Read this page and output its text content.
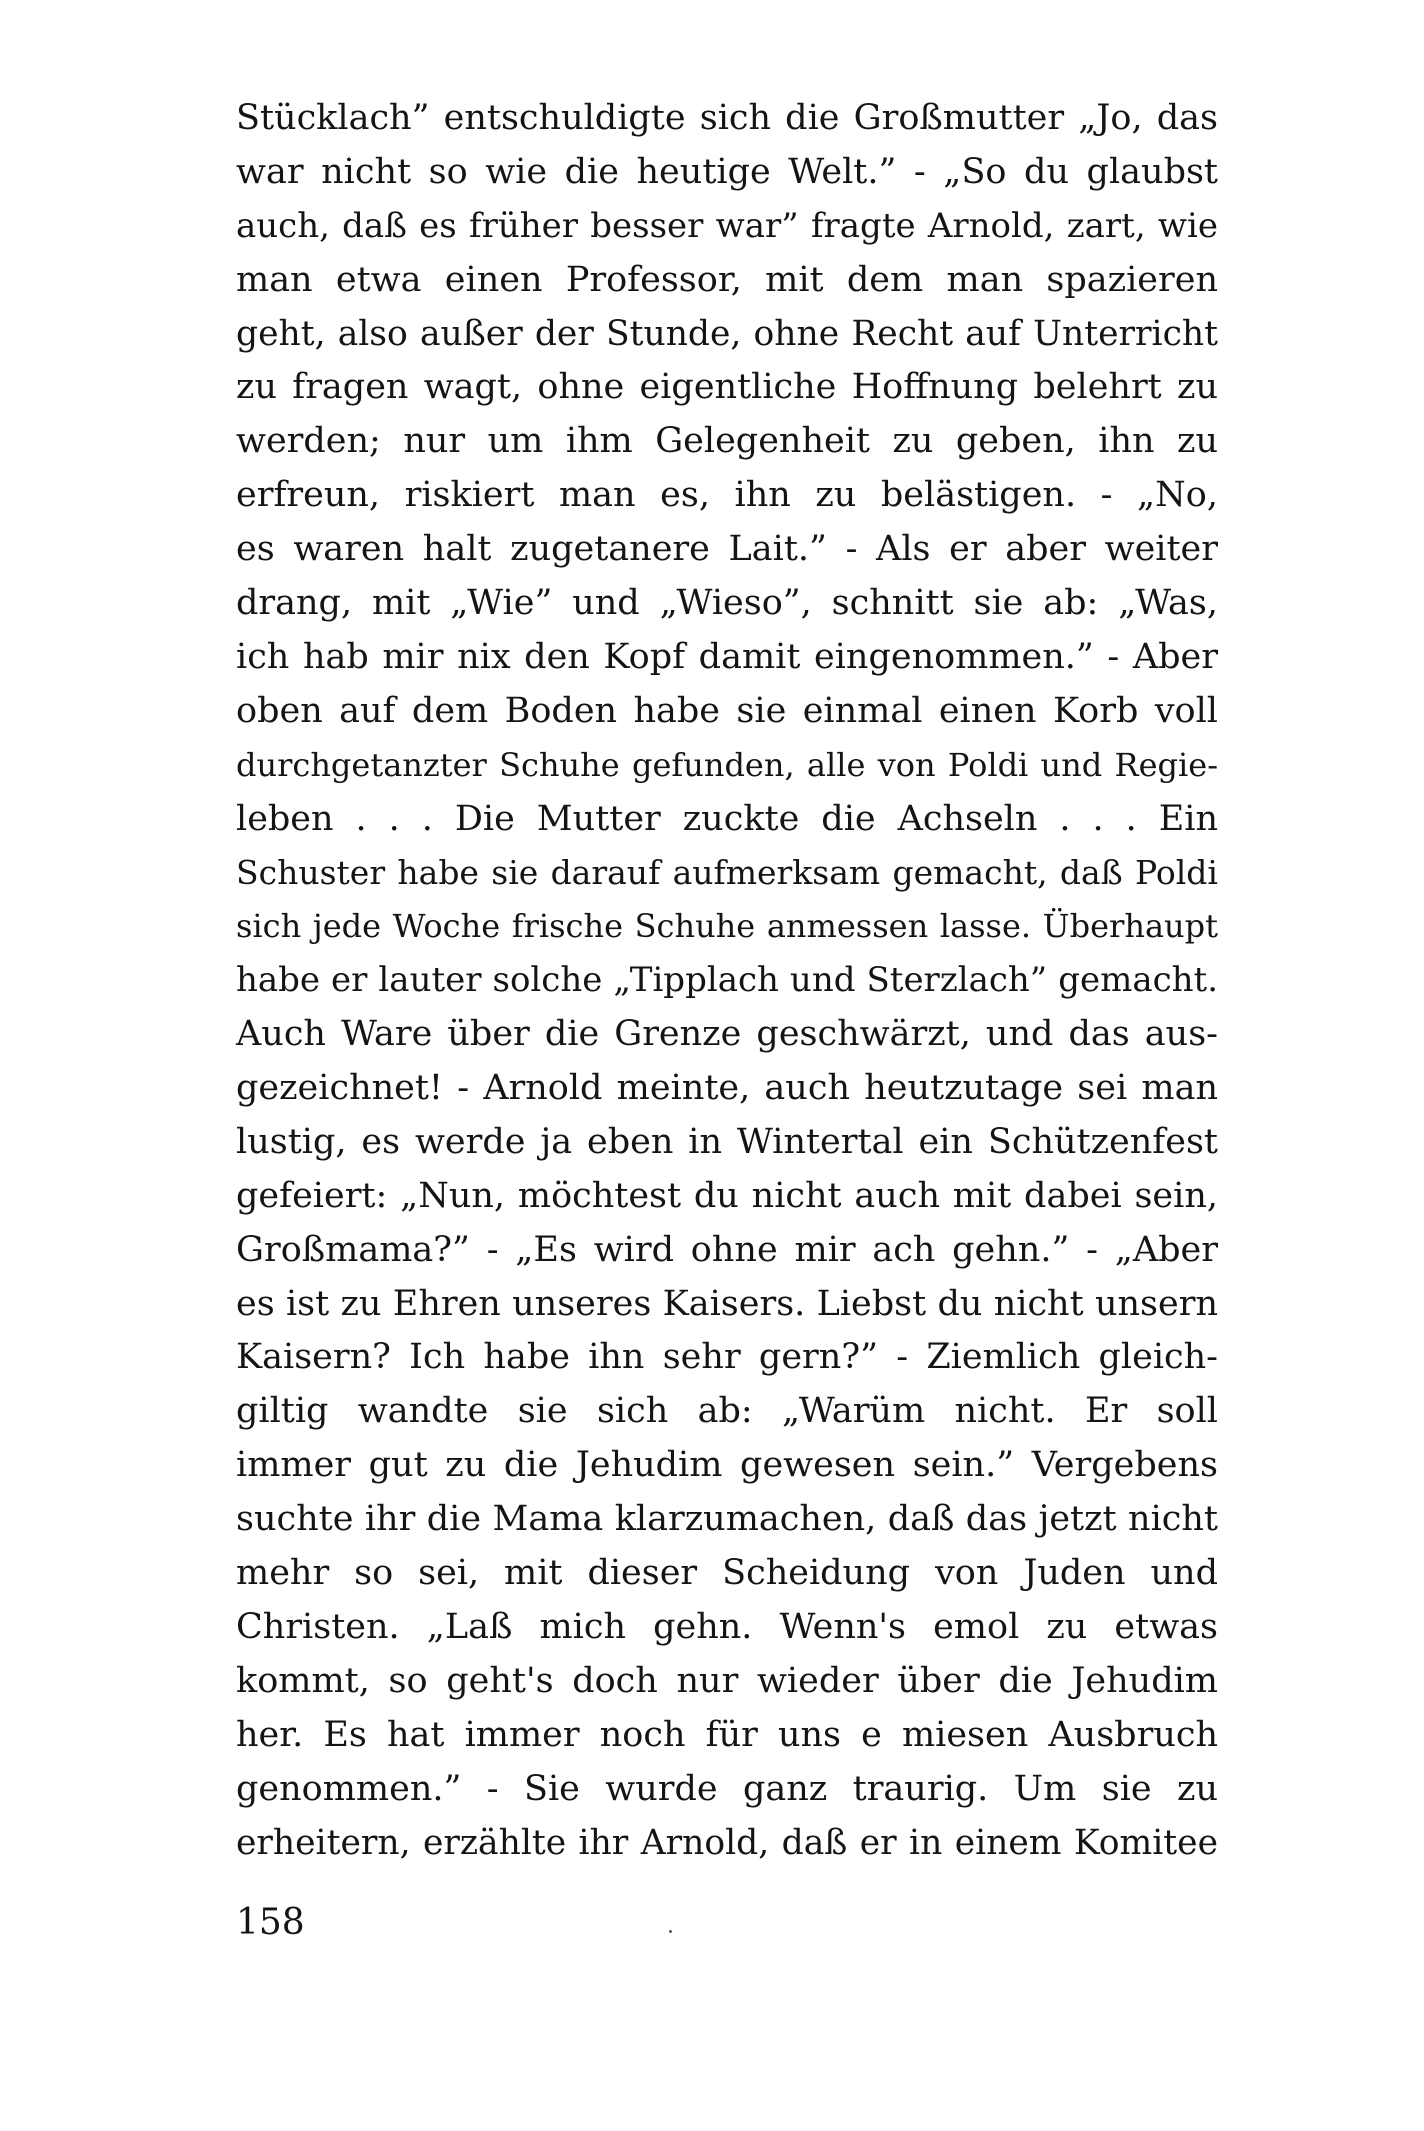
Stücklach” entschuldigte sich die Großmutter „Jo, das
war nicht so wie die heutige Welt.” - „So du glaubst
auch, daß es früher besser war” fragte Arnold, zart, wie
man etwa einen Professor, mit dem man spazieren
geht, also außer der Stunde, ohne Recht auf Unterricht
zu fragen wagt, ohne eigentliche Hoffnung belehrt zu
werden; nur um ihm Gelegenheit zu geben, ihn zu
erfreun, riskiert man es, ihn zu belästigen. - „No,
es waren halt zugetanere Lait.” - Als er aber weiter
drang, mit „Wie” und „Wieso”, schnitt sie ab: „Was,
ich hab mir nix den Kopf damit eingenommen.” - Aber
oben auf dem Boden habe sie einmal einen Korb voll
durchgetanzter Schuhe gefunden, alle von Poldi und Regie-
leben . . . Die Mutter zuckte die Achseln . . . Ein
Schuster habe sie darauf aufmerksam gemacht, daß Poldi
sich jede Woche frische Schuhe anmessen lasse. Überhaupt
habe er lauter solche „Tipplach und Sterzlach” gemacht.
Auch Ware über die Grenze geschwärzt, und das aus-
gezeichnet! - Arnold meinte, auch heutzutage sei man
lustig, es werde ja eben in Wintertal ein Schützenfest
gefeiert: „Nun, möchtest du nicht auch mit dabei sein,
Großmama?” - „Es wird ohne mir ach gehn.” - „Aber
es ist zu Ehren unseres Kaisers. Liebst du nicht unsern
Kaisern? Ich habe ihn sehr gern?” - Ziemlich gleich-
giltig wandte sie sich ab: „Warüm nicht. Er soll
immer gut zu die Jehudim gewesen sein.” Vergebens
suchte ihr die Mama klarzumachen, daß das jetzt nicht
mehr so sei, mit dieser Scheidung von Juden und
Christen. „Laß mich gehn. Wenn's emol zu etwas
kommt, so geht's doch nur wieder über die Jehudim
her. Es hat immer noch für uns e miesen Ausbruch
genommen.” - Sie wurde ganz traurig. Um sie zu
erheitern, erzählte ihr Arnold, daß er in einem Komitee
158
